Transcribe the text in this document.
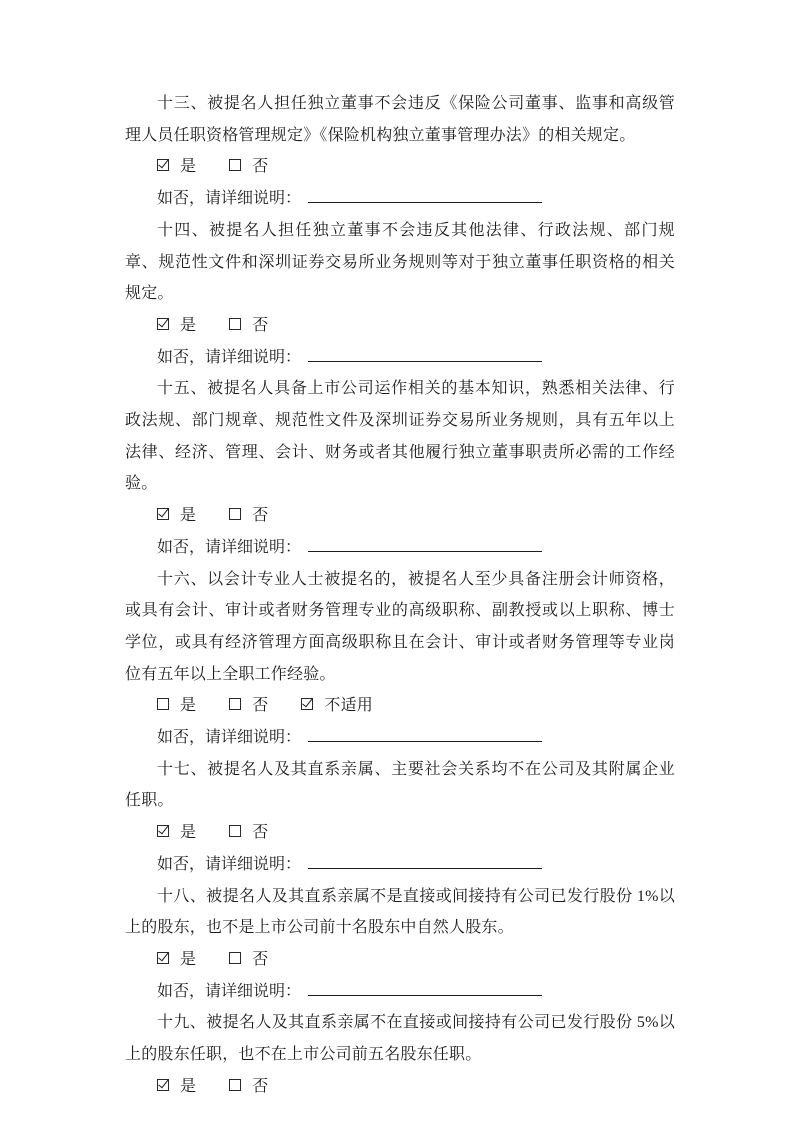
十三、被提名人担任独立董事不会违反《保险公司董事、监事和高级管理人员任职资格管理规定》《保险机构独立董事管理办法》的相关规定。

是	否
如否，请详细说明：

十四、被提名人担任独立董事不会违反其他法律、行政法规、部门规章、规范性文件和深圳证券交易所业务规则等对于独立董事任职资格的相关规定。

是	否
如否，请详细说明：

十五、被提名人具备上市公司运作相关的基本知识，熟悉相关法律、行政法规、部门规章、规范性文件及深圳证券交易所业务规则，具有五年以上法律、经济、管理、会计、财务或者其他履行独立董事职责所必需的工作经验。

是	否
如否，请详细说明：

十六、以会计专业人士被提名的，被提名人至少具备注册会计师资格，或具有会计、审计或者财务管理专业的高级职称、副教授或以上职称、博士学位，或具有经济管理方面高级职称且在会计、审计或者财务管理等专业岗位有五年以上全职工作经验。

是	否	不适用
如否，请详细说明：

十七、被提名人及其直系亲属、主要社会关系均不在公司及其附属企业任职。

是	否
如否，请详细说明：

十八、被提名人及其直系亲属不是直接或间接持有公司已发行股份 1%以上的股东，也不是上市公司前十名股东中自然人股东。

是	否
如否，请详细说明：

十九、被提名人及其直系亲属不在直接或间接持有公司已发行股份 5%以上的股东任职，也不在上市公司前五名股东任职。

是	否
